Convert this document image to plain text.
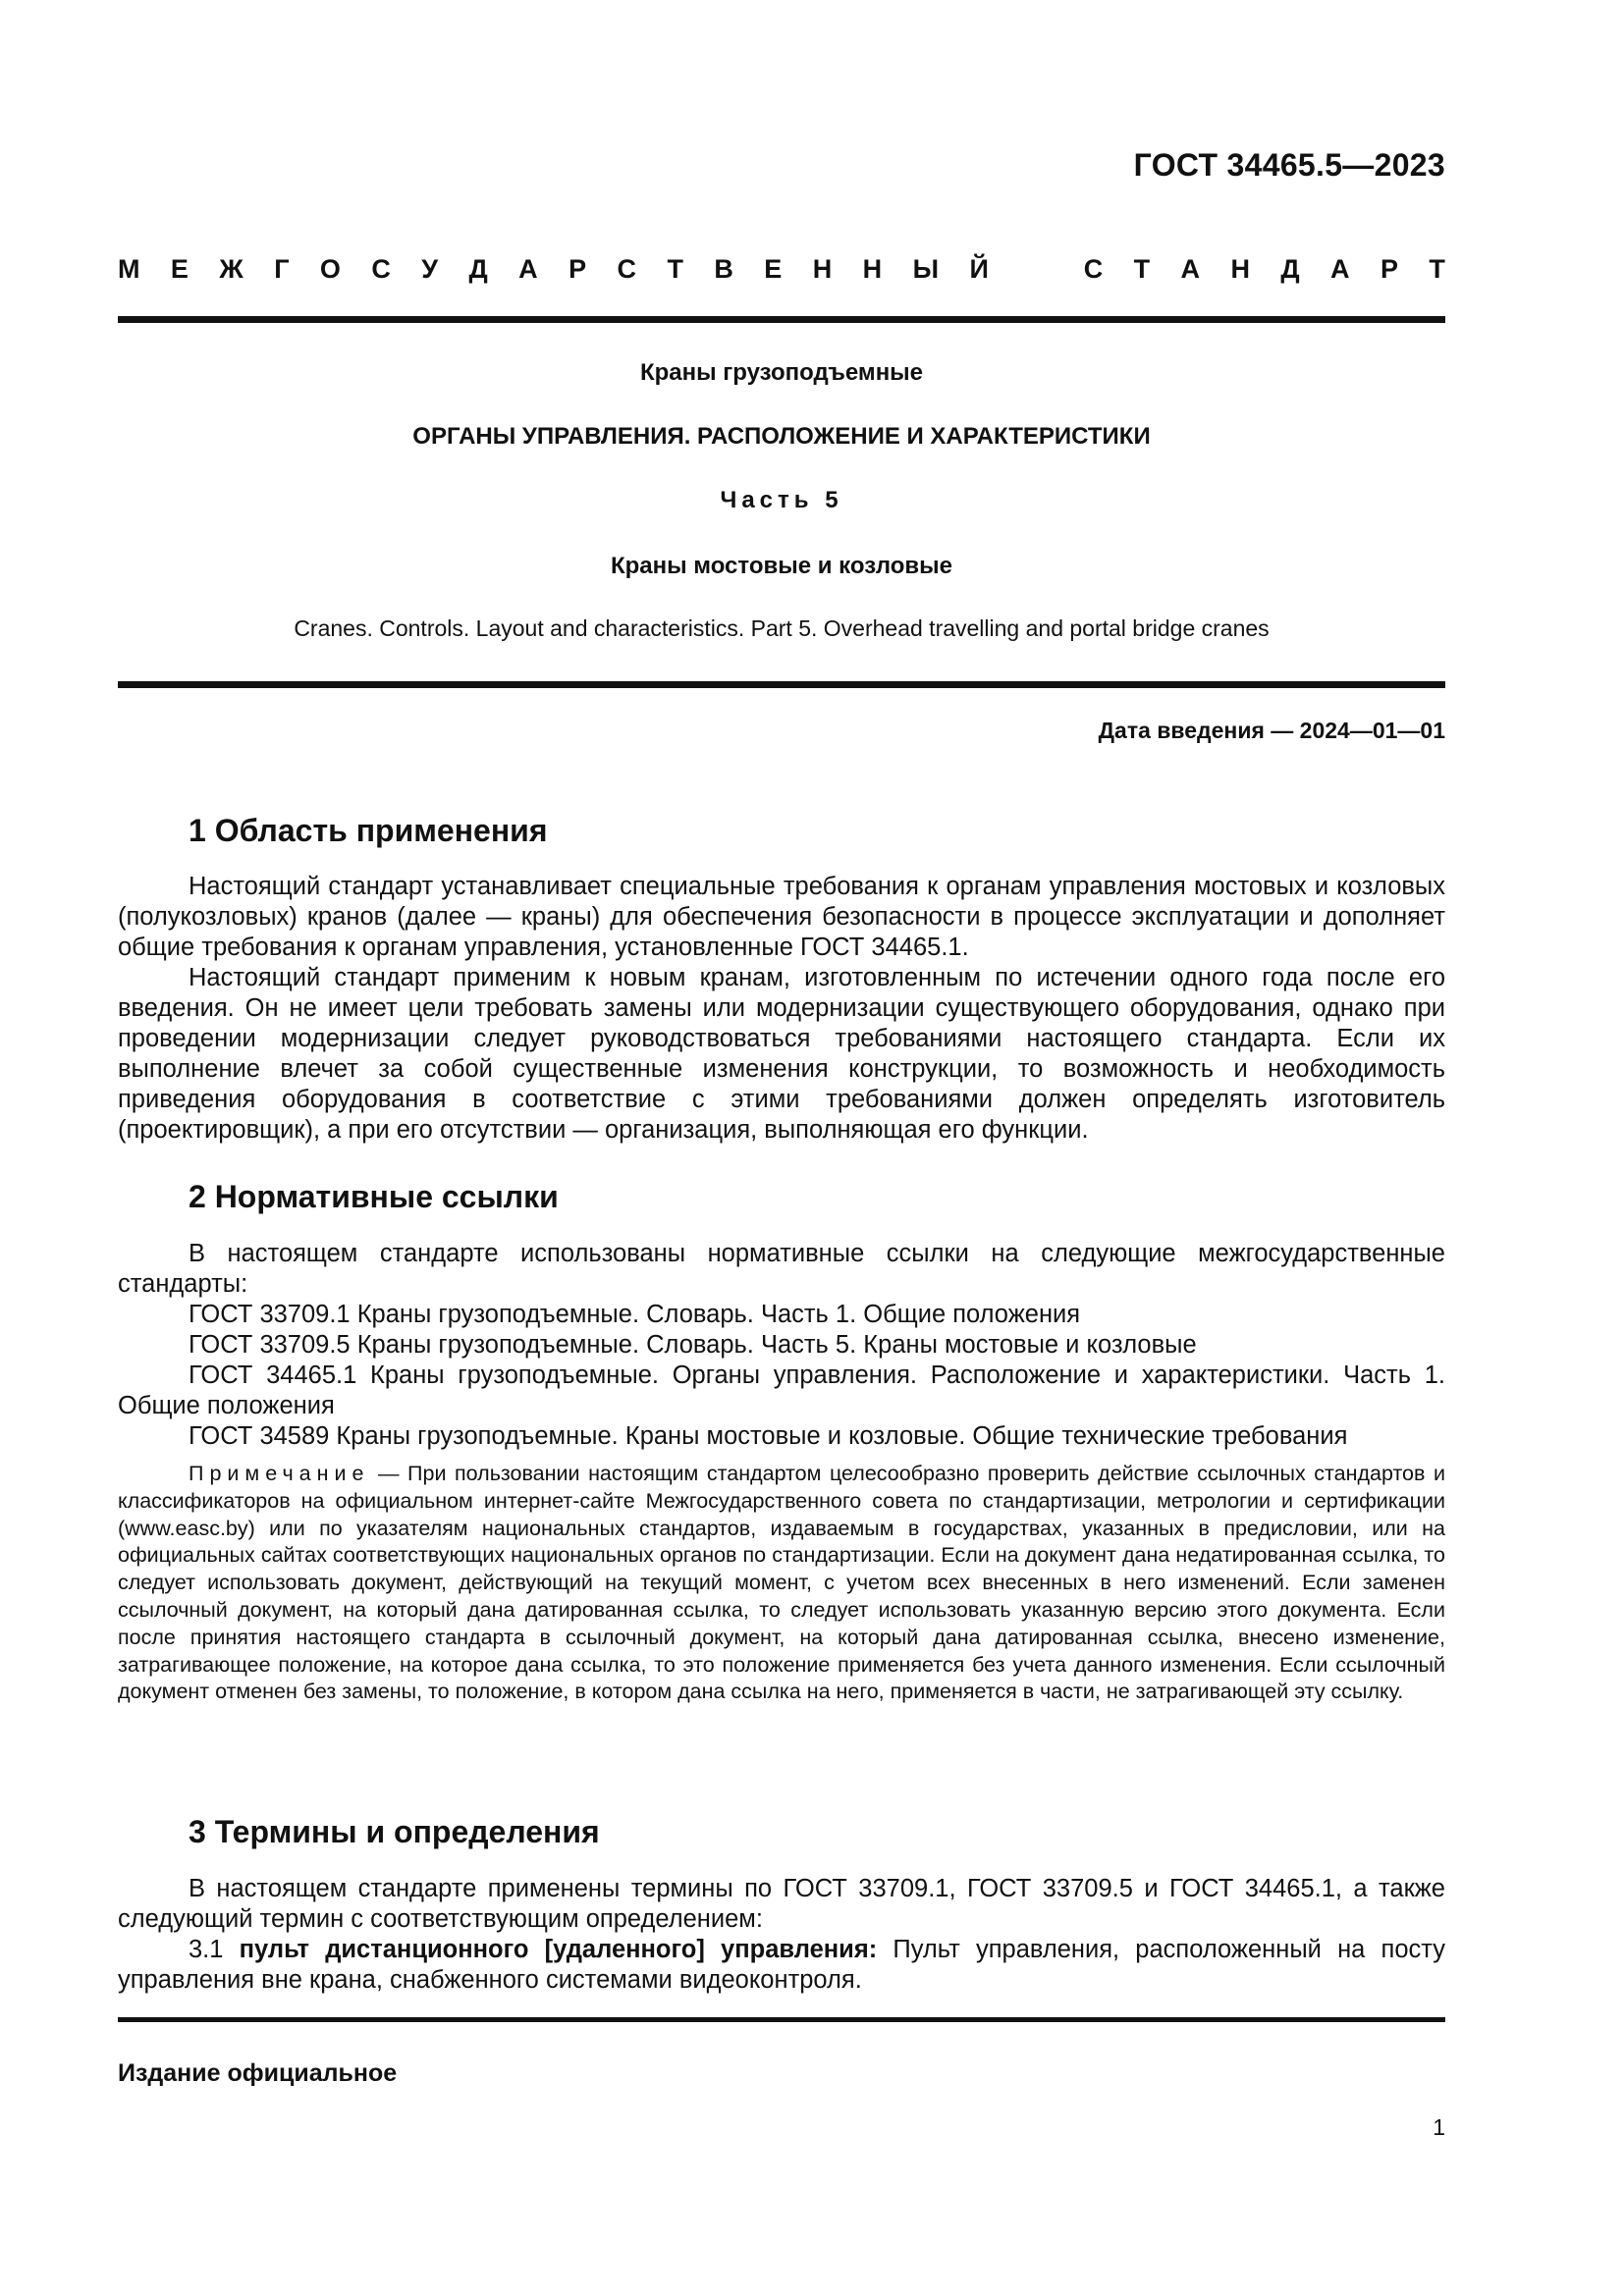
ГОСТ 34465.5—2023
М Е Ж Г О С У Д А Р С Т В Е Н Н Ы Й	С Т А Н Д А Р Т
Краны грузоподъемные
ОРГАНЫ УПРАВЛЕНИЯ. РАСПОЛОЖЕНИЕ И ХАРАКТЕРИСТИКИ
Часть 5
Краны мостовые и козловые
Cranes. Controls. Layout and characteristics. Part 5. Overhead travelling and portal bridge cranes
Дата введения — 2024—01—01
1 Область применения

Настоящий стандарт устанавливает специальные требования к органам управления мостовых и козловых (полукозловых) кранов (далее — краны) для обеспечения безопасности в процессе эксплуатации и дополняет общие требования к органам управления, установленные ГОСТ 34465.1.

Настоящий стандарт применим к новым кранам, изготовленным по истечении одного года после его введения. Он не имеет цели требовать замены или модернизации существующего оборудования, однако при проведении модернизации следует руководствоваться требованиями настоящего стандарта. Если их выполнение влечет за собой существенные изменения конструкции, то возможность и необходимость приведения оборудования в соответствие с этими требованиями должен определять изготовитель (проектировщик), а при его отсутствии — организация, выполняющая его функции.

2 Нормативные ссылки

В настоящем стандарте использованы нормативные ссылки на следующие межгосударственные стандарты:

ГОСТ 33709.1 Краны грузоподъемные. Словарь. Часть 1. Общие положения
ГОСТ 33709.5 Краны грузоподъемные. Словарь. Часть 5. Краны мостовые и козловые
ГОСТ 34465.1 Краны грузоподъемные. Органы управления. Расположение и характеристики. Часть 1. Общие положения
ГОСТ 34589 Краны грузоподъемные. Краны мостовые и козловые. Общие технические требования
Примечание — При пользовании настоящим стандартом целесообразно проверить действие ссылочных стандартов и классификаторов на официальном интернет-сайте Межгосударственного совета по стандартизации, метрологии и сертификации (www.easc.by) или по указателям национальных стандартов, издаваемым в государствах, указанных в предисловии, или на официальных сайтах соответствующих национальных органов по стандартизации. Если на документ дана недатированная ссылка, то следует использовать документ, действующий на текущий момент, с учетом всех внесенных в него изменений. Если заменен ссылочный документ, на который дана датированная ссылка, то следует использовать указанную версию этого документа. Если после принятия настоящего стандарта в ссылочный документ, на который дана датированная ссылка, внесено изменение, затрагивающее положение, на которое дана ссылка, то это положение применяется без учета данного изменения. Если ссылочный документ отменен без замены, то положение, в котором дана ссылка на него, применяется в части, не затрагивающей эту ссылку.
3 Термины и определения

В настоящем стандарте применены термины по ГОСТ 33709.1, ГОСТ 33709.5 и ГОСТ 34465.1, а также следующий термин с соответствующим определением:

3.1 пульт дистанционного [удаленного] управления: Пульт управления, расположенный на посту управления вне крана, снабженного системами видеоконтроля.

Издание официальное
1
